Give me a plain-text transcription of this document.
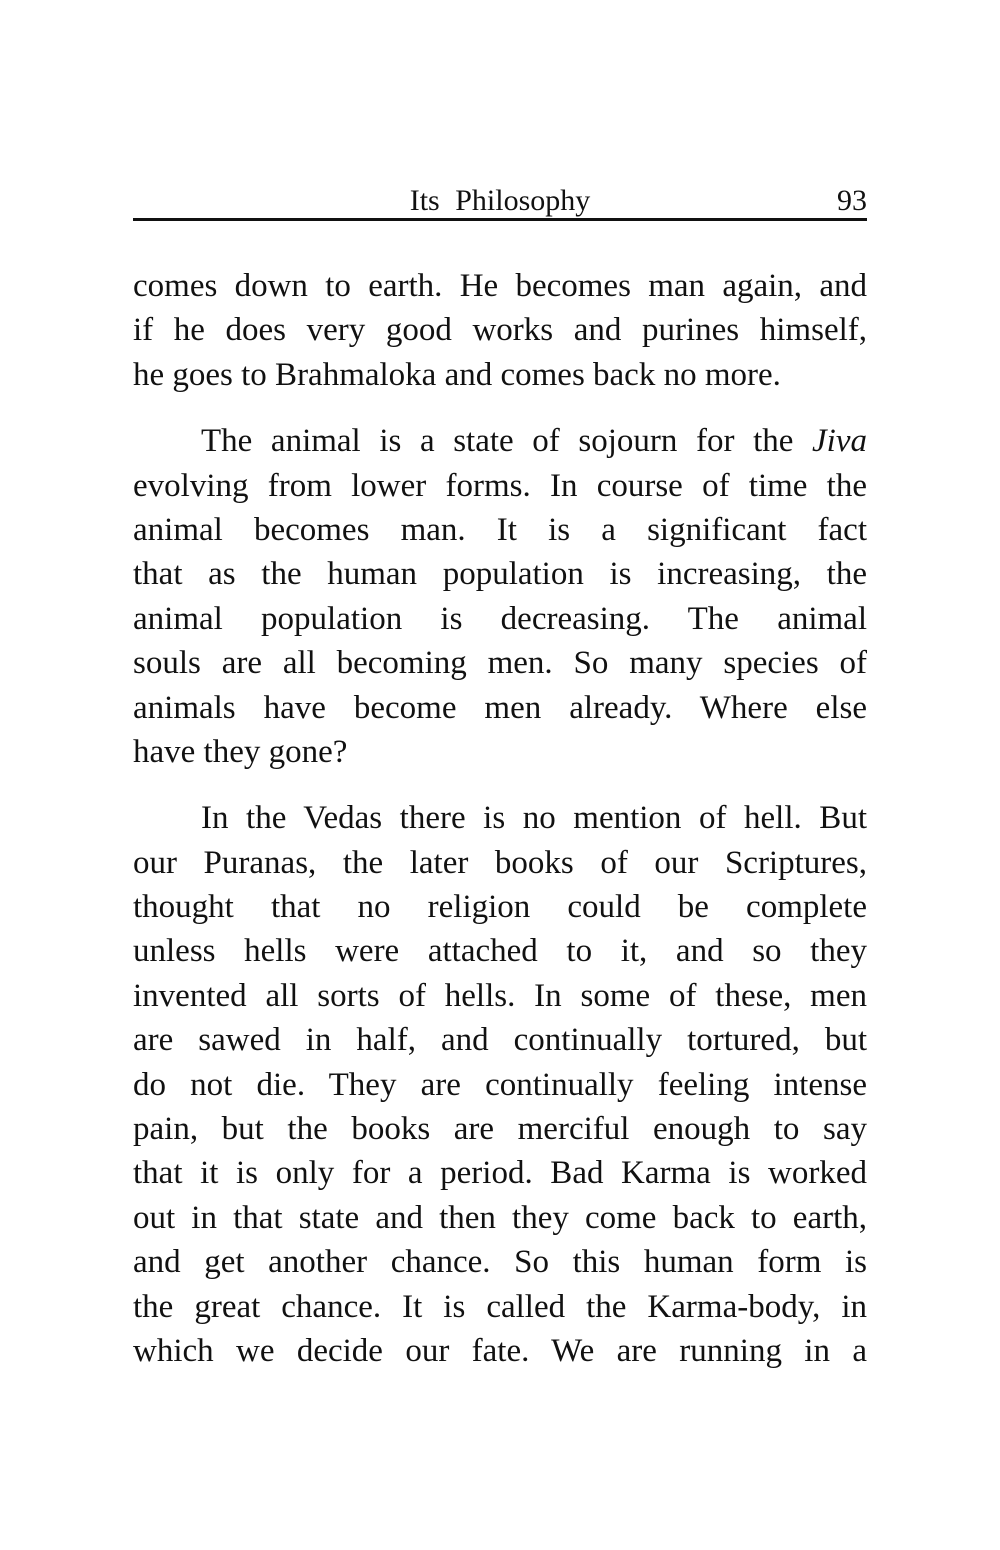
Its Philosophy	93
comes down to earth. He becomes man again, and
if he does very good works and purines himself,
he goes to Brahmaloka and comes back no more.
The animal is a state of sojourn for the Jiva
evolving from lower forms. In course of time the
animal becomes man. It is a significant fact
that as the human population is increasing, the
animal population is decreasing. The animal
souls are all becoming men. So many species of
animals have become men already. Where else
have they gone?
In the Vedas there is no mention of hell. But
our Puranas, the later books of our Scriptures,
thought that no religion could be complete
unless hells were attached to it, and so they
invented all sorts of hells. In some of these, men
are sawed in half, and continually tortured, but
do not die. They are continually feeling intense
pain, but the books are merciful enough to say
that it is only for a period. Bad Karma is worked
out in that state and then they come back to earth,
and get another chance. So this human form is
the great chance. It is called the Karma-body, in
which we decide our fate. We are running in a
